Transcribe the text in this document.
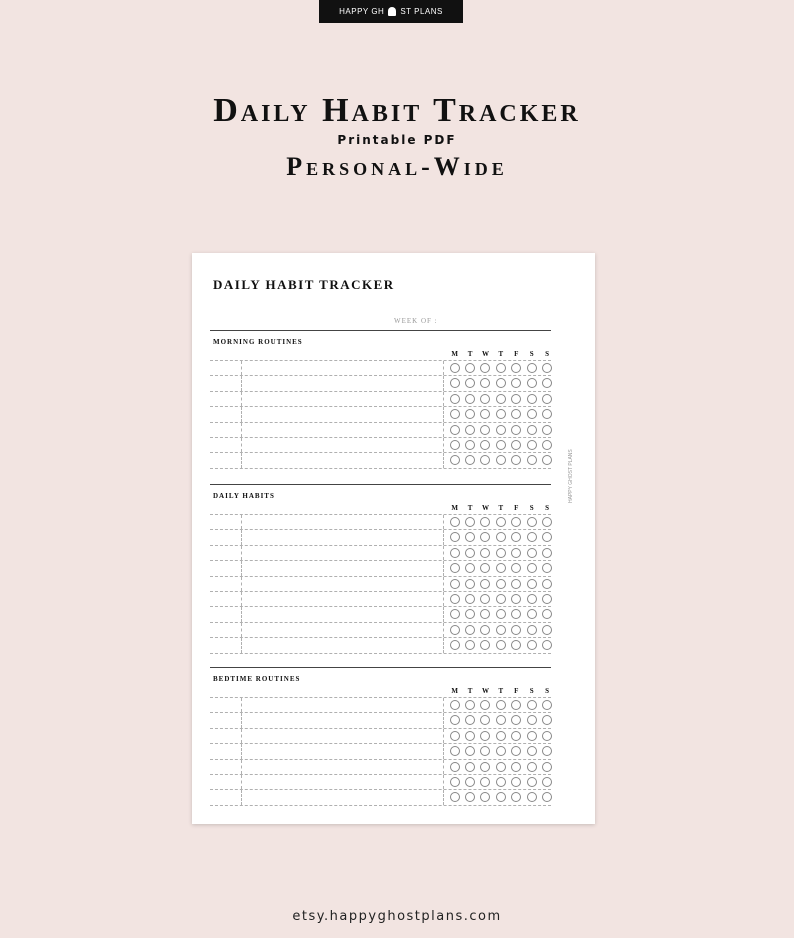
HAPPY GH ST PLANS
Daily Habit Tracker
Printable PDF
Personal-Wide
DAILY HABIT TRACKER
WEEK OF :
HAPPY GHOST PLANS
MORNING ROUTINES
M	T	W	T	F	S	S
DAILY HABITS
M	T	W	T	F	S	S
BEDTIME ROUTINES
M	T	W	T	F	S	S
etsy.happyghostplans.com
